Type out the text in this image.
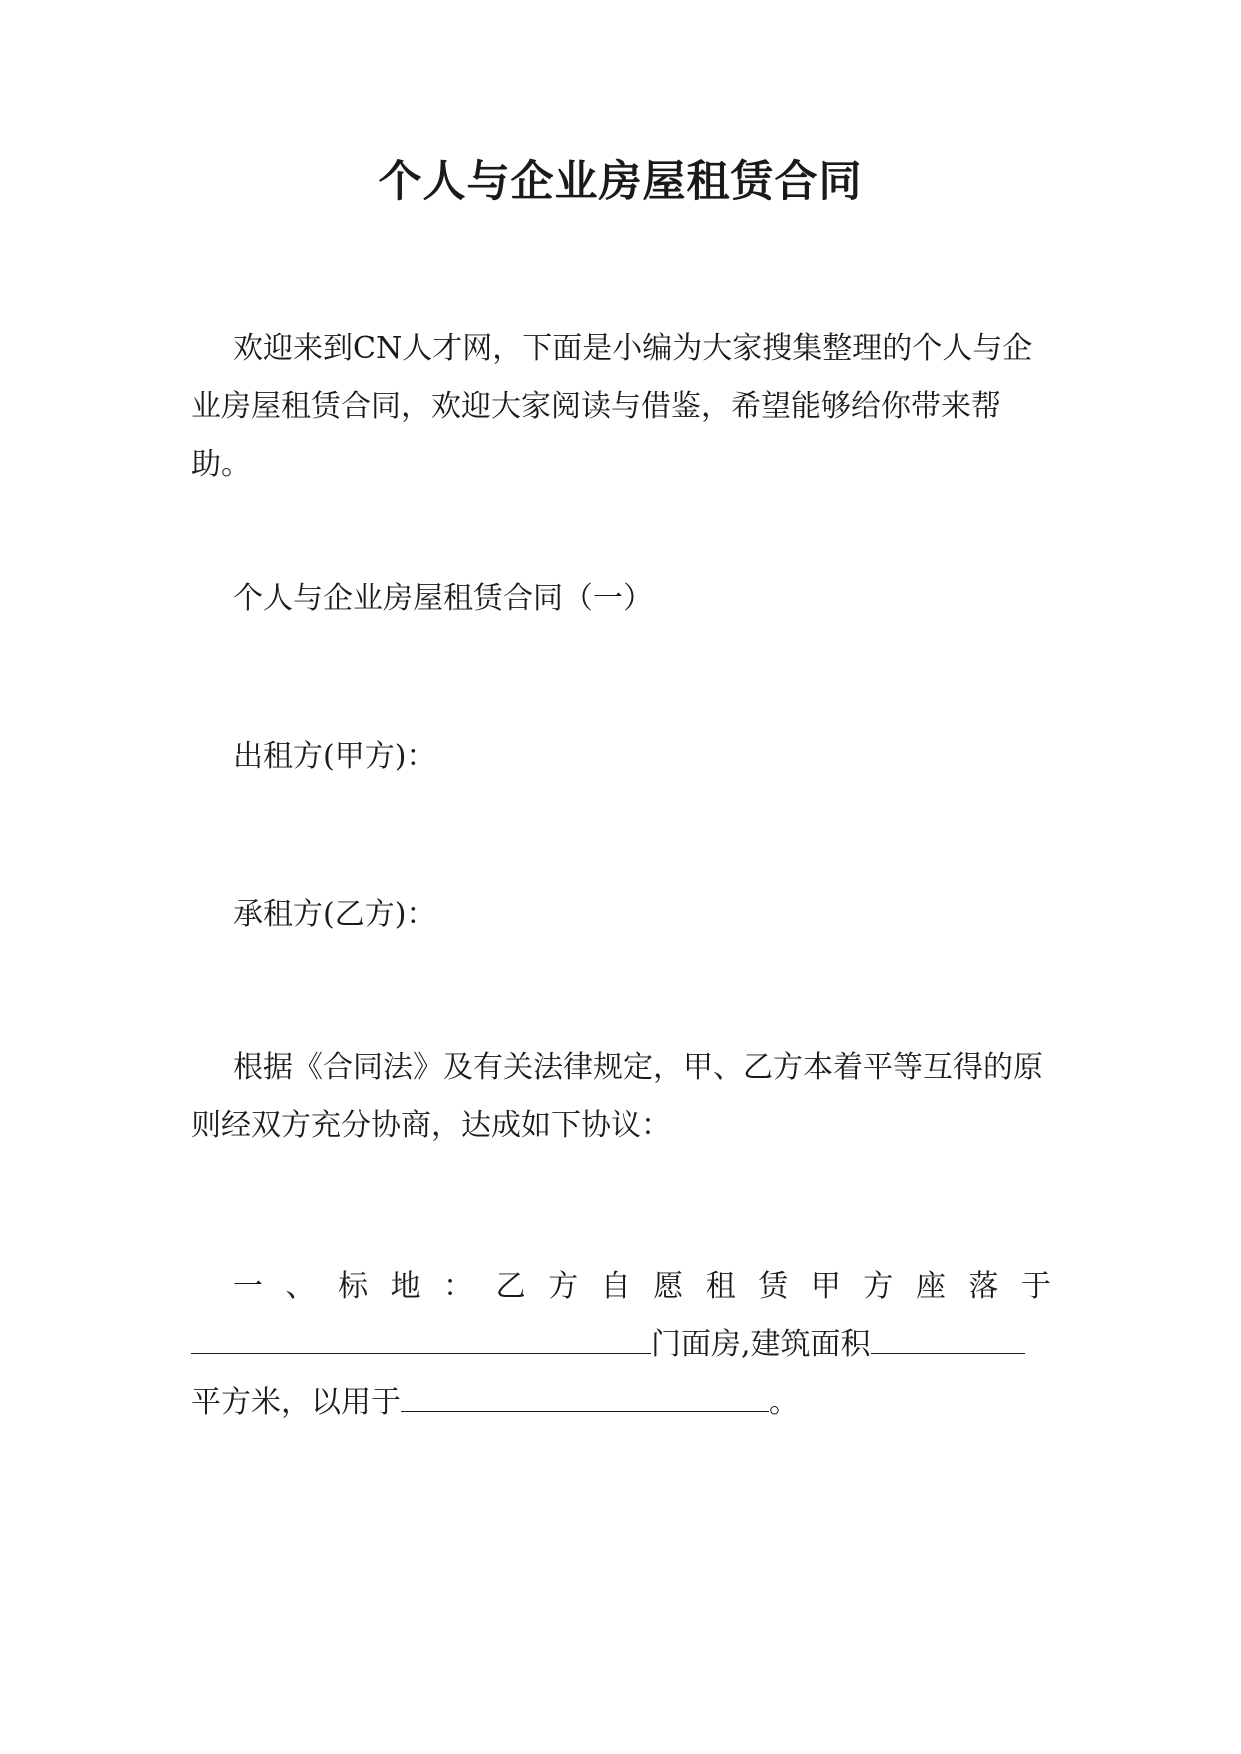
个人与企业房屋租赁合同

欢迎来到CN人才网，下面是小编为大家搜集整理的个人与企业房屋租赁合同，欢迎大家阅读与借鉴，希望能够给你带来帮助。

个人与企业房屋租赁合同（一）

出租方(甲方)：

承租方(乙方)：

根据《合同法》及有关法律规定，甲、乙方本着平等互得的原则经双方充分协商，达成如下协议：

一 、 标 地 ： 乙 方 自 愿 租 赁 甲 方 座 落 于
门面房,建筑面积
平方米，以用于	。
